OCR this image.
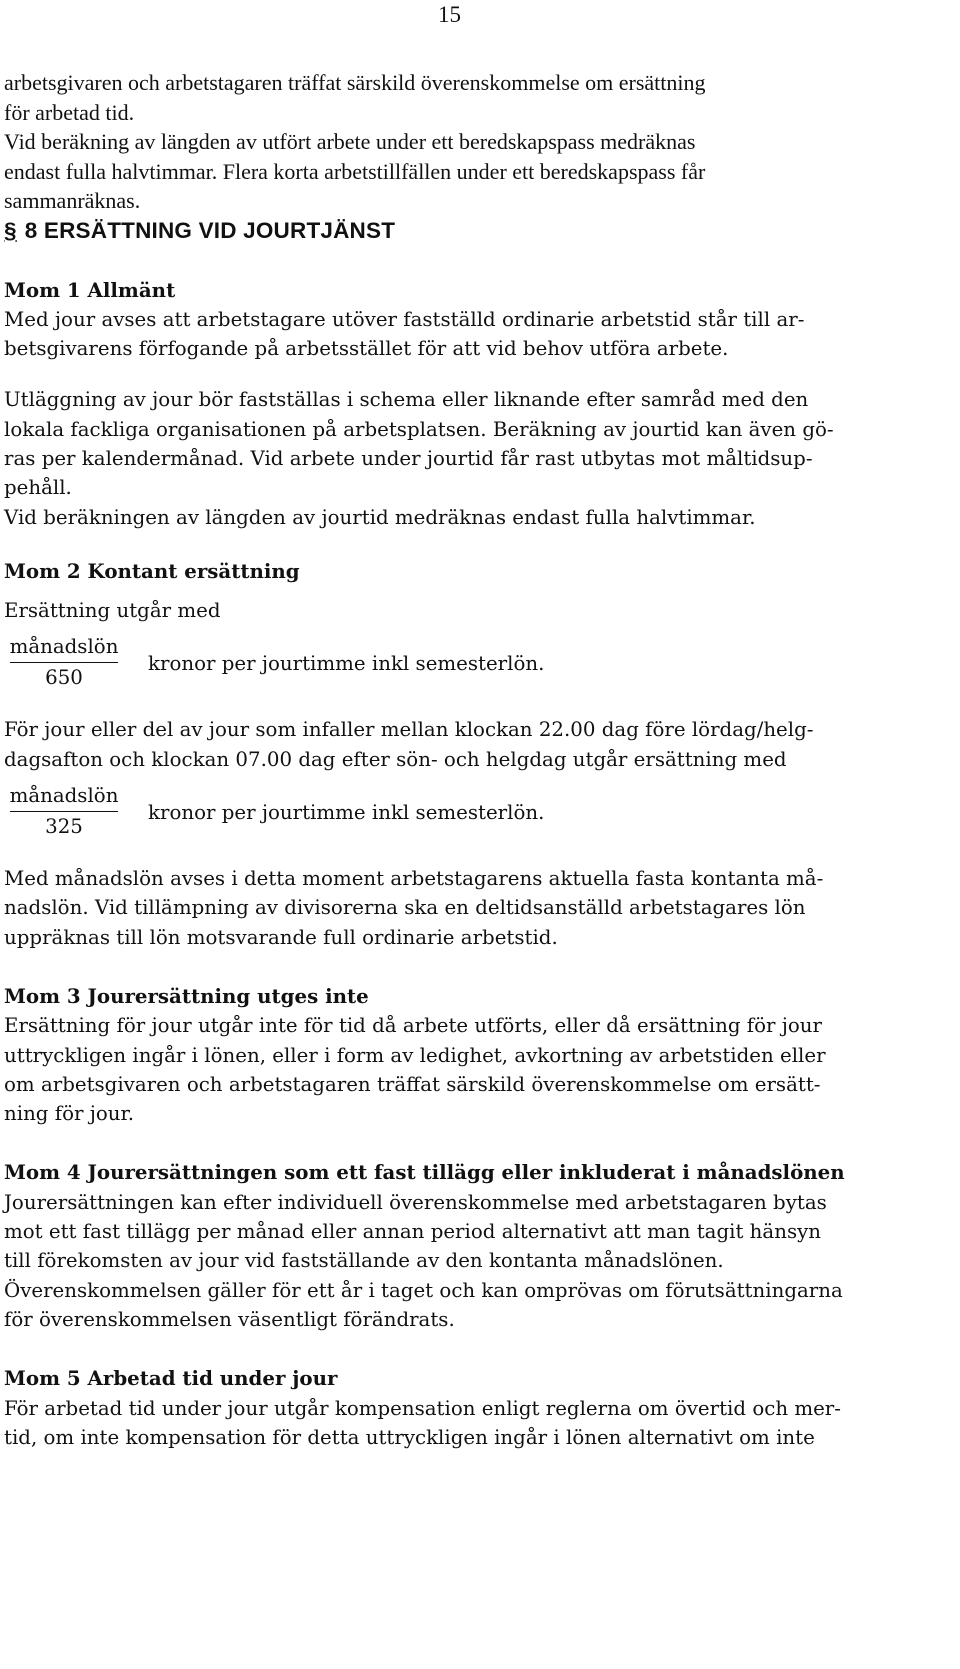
15

arbetsgivaren och arbetstagaren träffat särskild överenskommelse om ersättning

för arbetad tid.

Vid beräkning av längden av utfört arbete under ett beredskapspass medräknas

endast fulla halvtimmar. Flera korta arbetstillfällen under ett beredskapspass får

sammanräknas.

§ 8 ERSÄTTNING VID JOURTJÄNST

Mom 1 Allmänt

Med jour avses att arbetstagare utöver fastställd ordinarie arbetstid står till ar-

betsgivarens förfogande på arbetsstället för att vid behov utföra arbete.

Utläggning av jour bör fastställas i schema eller liknande efter samråd med den

lokala fackliga organisationen på arbetsplatsen. Beräkning av jourtid kan även gö-

ras per kalendermånad. Vid arbete under jourtid får rast utbytas mot måltidsup-

pehåll.

Vid beräkningen av längden av jourtid medräknas endast fulla halvtimmar.

Mom 2 Kontant ersättning

Ersättning utgår med

$\frac{\text{månadslön}}{650}$ kronor per jourtimme inkl semesterlön.

För jour eller del av jour som infaller mellan klockan 22.00 dag före lördag/helg-

dagsafton och klockan 07.00 dag efter sön- och helgdag utgår ersättning med

$\frac{\text{månadslön}}{325}$ kronor per jourtimme inkl semesterlön.

Med månadslön avses i detta moment arbetstagarens aktuella fasta kontanta må-

nadslön. Vid tillämpning av divisorerna ska en deltidsanställd arbetstagares lön

uppräknas till lön motsvarande full ordinarie arbetstid.

Mom 3 Jourersättning utges inte

Ersättning för jour utgår inte för tid då arbete utförts, eller då ersättning för jour

uttryckligen ingår i lönen, eller i form av ledighet, avkortning av arbetstiden eller

om arbetsgivaren och arbetstagaren träffat särskild överenskommelse om ersätt-

ning för jour.

Mom 4 Jourersättningen som ett fast tillägg eller inkluderat i månadslönen

Jourersättningen kan efter individuell överenskommelse med arbetstagaren bytas

mot ett fast tillägg per månad eller annan period alternativt att man tagit hänsyn

till förekomsten av jour vid fastställande av den kontanta månadslönen.

Överenskommelsen gäller för ett år i taget och kan omprövas om förutsättningarna

för överenskommelsen väsentligt förändrats.

Mom 5 Arbetad tid under jour

För arbetad tid under jour utgår kompensation enligt reglerna om övertid och mer-

tid, om inte kompensation för detta uttryckligen ingår i lönen alternativt om inte
